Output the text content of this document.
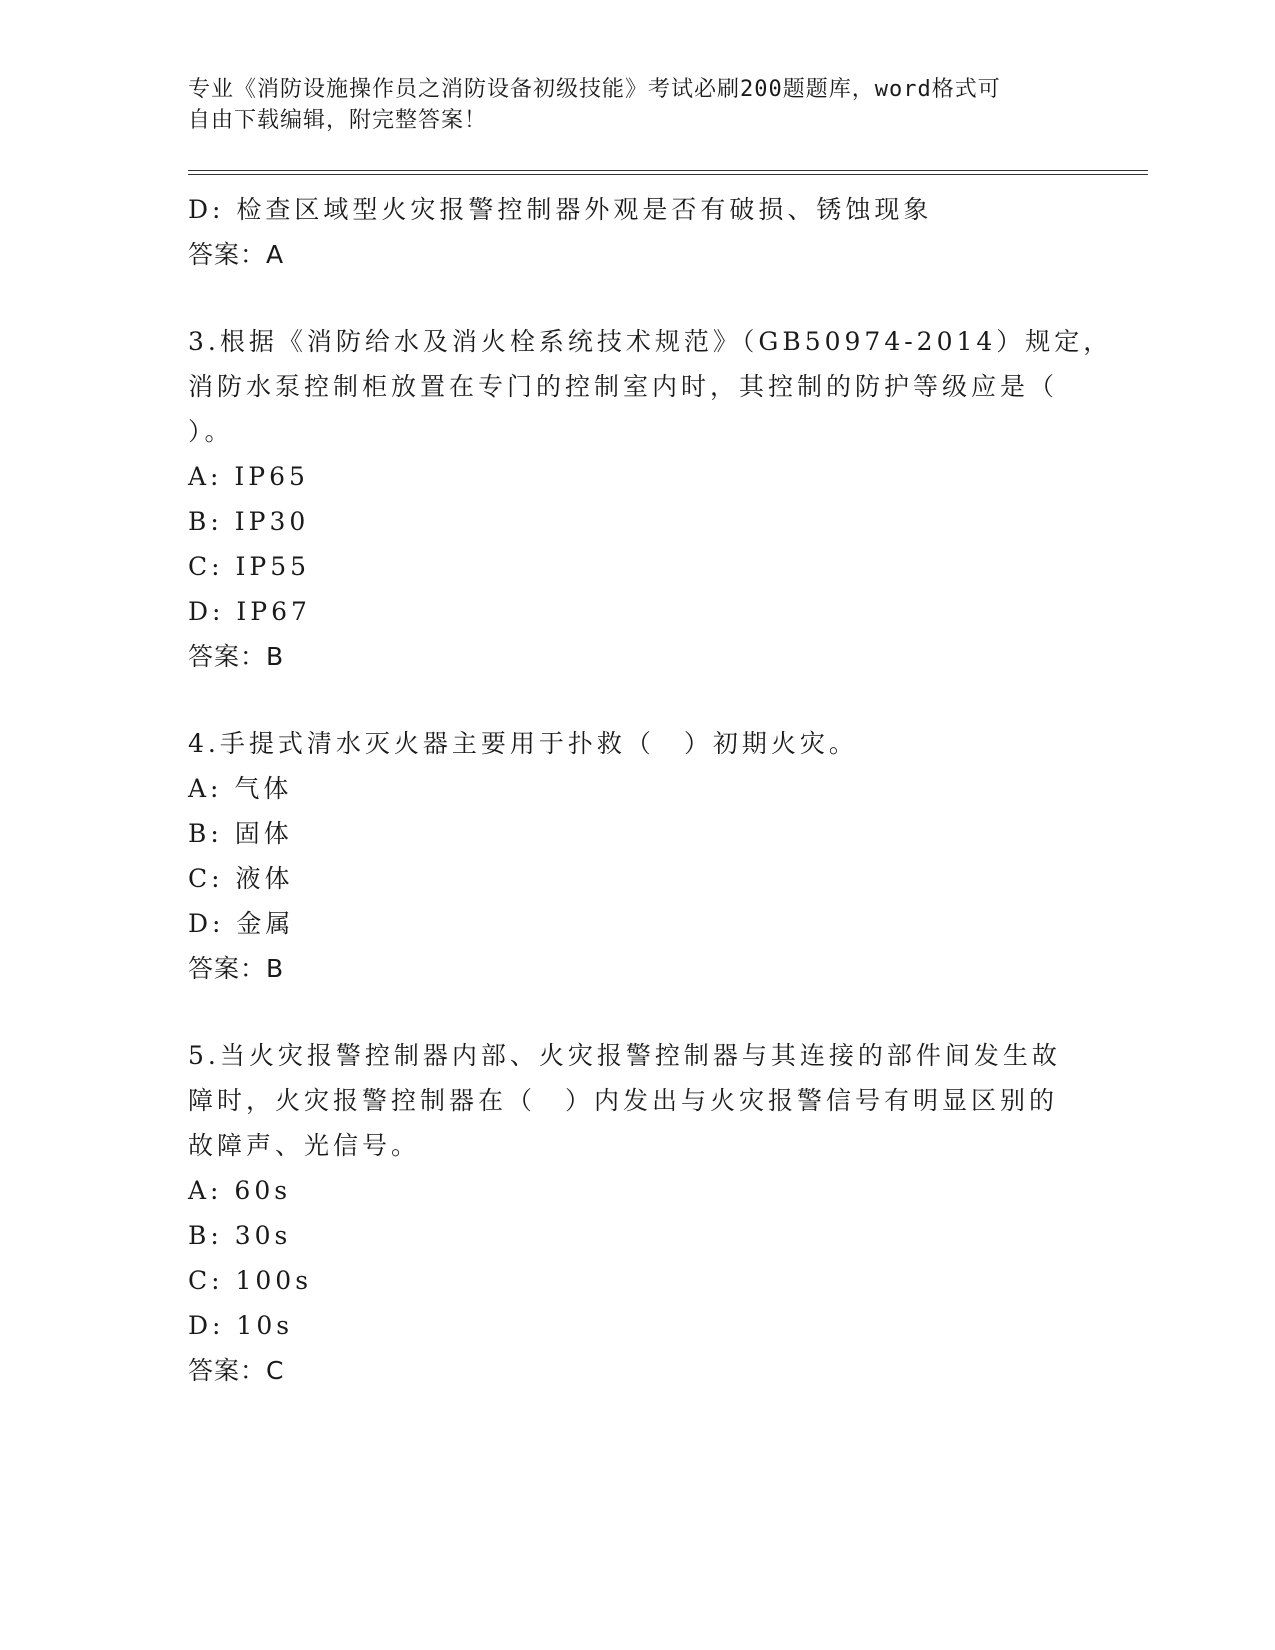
专业《消防设施操作员之消防设备初级技能》考试必刷200题题库，word格式可
自由下载编辑，附完整答案！
D: 检查区域型火灾报警控制器外观是否有破损、锈蚀现象
答案：A
3.根据《消防给水及消火栓系统技术规范》（GB50974-2014）规定，
消防水泵控制柜放置在专门的控制室内时，其控制的防护等级应是（
）。
A: IP65
B: IP30
C: IP55
D: IP67
答案：B
4.手提式清水灭火器主要用于扑救（　）初期火灾。
A: 气体
B: 固体
C: 液体
D: 金属
答案：B
5.当火灾报警控制器内部、火灾报警控制器与其连接的部件间发生故
障时，火灾报警控制器在（　）内发出与火灾报警信号有明显区别的
故障声、光信号。
A: 60s
B: 30s
C: 100s
D: 10s
答案：C
